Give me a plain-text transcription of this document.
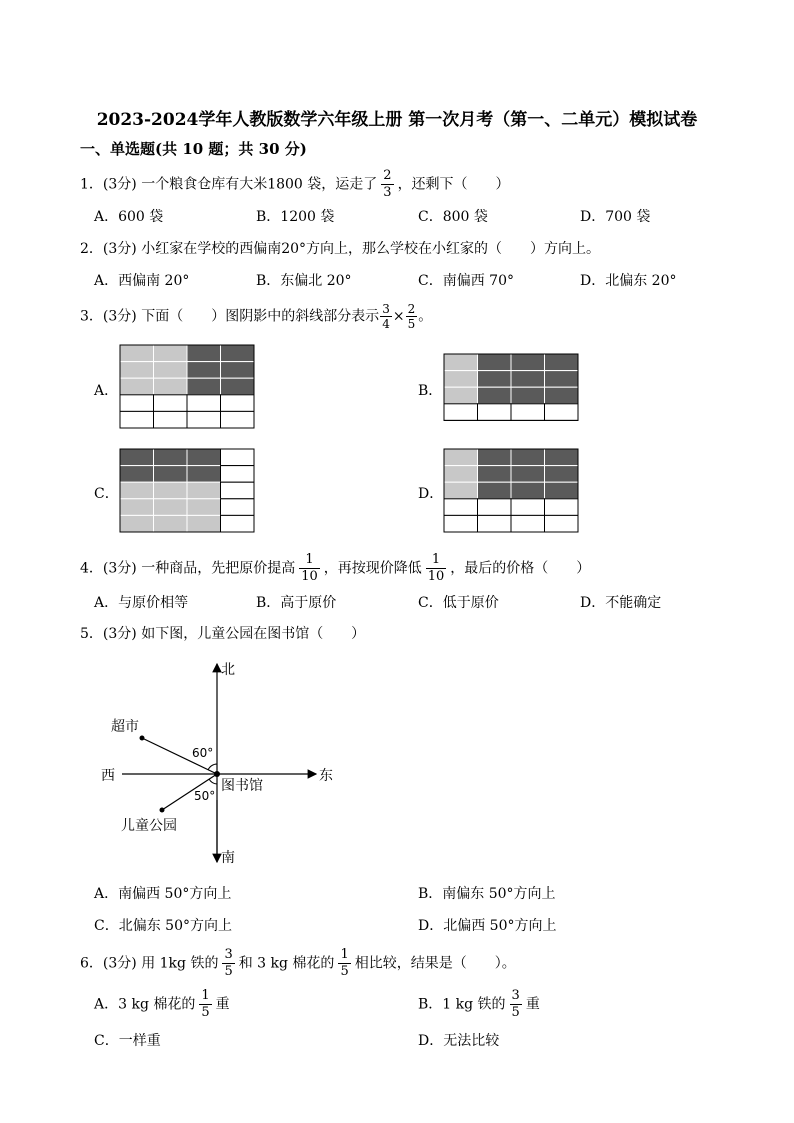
2023-2024学年人教版数学六年级上册 第一次月考（第一、二单元）模拟试卷
一、单选题(共 10 题；共 30 分)
1．(3分) 一个粮食仓库有大米1800 袋，运走了 $\frac{2}{3}$ ，还剩下（　　）
A．600 袋	B．1200 袋	C．800 袋	D．700 袋
2．(3分) 小红家在学校的西偏南20°方向上，那么学校在小红家的（　　）方向上。
A．西偏南 20°	B．东偏北 20°	C．南偏西 70°	D．北偏东 20°
3．(3分) 下面（　　）图阴影中的斜线部分表示 $\frac{3}{4} \times \frac{2}{5}$ 。
A．	B．
C．	D．
4．(3分) 一种商品，先把原价提高 $\frac{1}{10}$ ，再按现价降低 $\frac{1}{10}$ ，最后的价格（　　）
A．与原价相等	B．高于原价	C．低于原价	D．不能确定
5．(3分) 如下图，儿童公园在图书馆（　　）
北
南
西	东
图书馆
超市
儿童公园
60°
50°
A．南偏西 50°方向上	B．南偏东 50°方向上
C．北偏东 50°方向上	D．北偏西 50°方向上
6．(3分) 用 1kg 铁的 $\frac{3}{5}$ 和 3 kg 棉花的 $\frac{1}{5}$ 相比较，结果是（　　）。
A．3 kg 棉花的 $\frac{1}{5}$ 重	B．1 kg 铁的 $\frac{3}{5}$ 重
C．一样重	D．无法比较
